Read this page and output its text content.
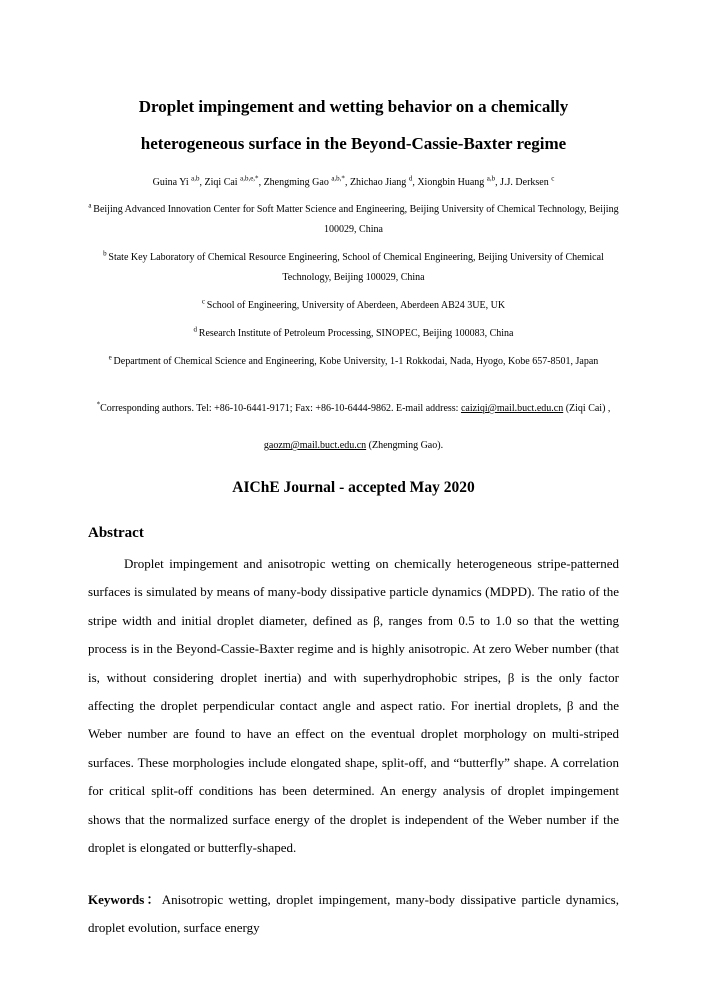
Droplet impingement and wetting behavior on a chemically heterogeneous surface in the Beyond-Cassie-Baxter regime

Guina Yi $^{a,b}$, Ziqi Cai $^{a,b,e,*}$, Zhengming Gao $^{a,b,*}$, Zhichao Jiang $^d$, Xiongbin Huang $^{a,b}$, J.J. Derksen $^c$

$^a$ Beijing Advanced Innovation Center for Soft Matter Science and Engineering, Beijing University of Chemical Technology, Beijing 100029, China
$^b$ State Key Laboratory of Chemical Resource Engineering, School of Chemical Engineering, Beijing University of Chemical Technology, Beijing 100029, China
$^c$ School of Engineering, University of Aberdeen, Aberdeen AB24 3UE, UK
$^d$ Research Institute of Petroleum Processing, SINOPEC, Beijing 100083, China
$^e$ Department of Chemical Science and Engineering, Kobe University, 1-1 Rokkodai, Nada, Hyogo, Kobe 657-8501, Japan

*Corresponding authors. Tel: +86-10-6441-9171; Fax: +86-10-6444-9862. E-mail address: caiziqi@mail.buct.edu.cn (Ziqi Cai) , gaozm@mail.buct.edu.cn (Zhengming Gao).

AIChE Journal - accepted May 2020

Abstract

Droplet impingement and anisotropic wetting on chemically heterogeneous stripe-patterned surfaces is simulated by means of many-body dissipative particle dynamics (MDPD). The ratio of the stripe width and initial droplet diameter, defined as β, ranges from 0.5 to 1.0 so that the wetting process is in the Beyond-Cassie-Baxter regime and is highly anisotropic. At zero Weber number (that is, without considering droplet inertia) and with superhydrophobic stripes, β is the only factor affecting the droplet perpendicular contact angle and aspect ratio. For inertial droplets, β and the Weber number are found to have an effect on the eventual droplet morphology on multi-striped surfaces. These morphologies include elongated shape, split-off, and “butterfly” shape. A correlation for critical split-off conditions has been determined. An energy analysis of droplet impingement shows that the normalized surface energy of the droplet is independent of the Weber number if the droplet is elongated or butterfly-shaped.

Keywords：Anisotropic wetting, droplet impingement, many-body dissipative particle dynamics, droplet evolution, surface energy
